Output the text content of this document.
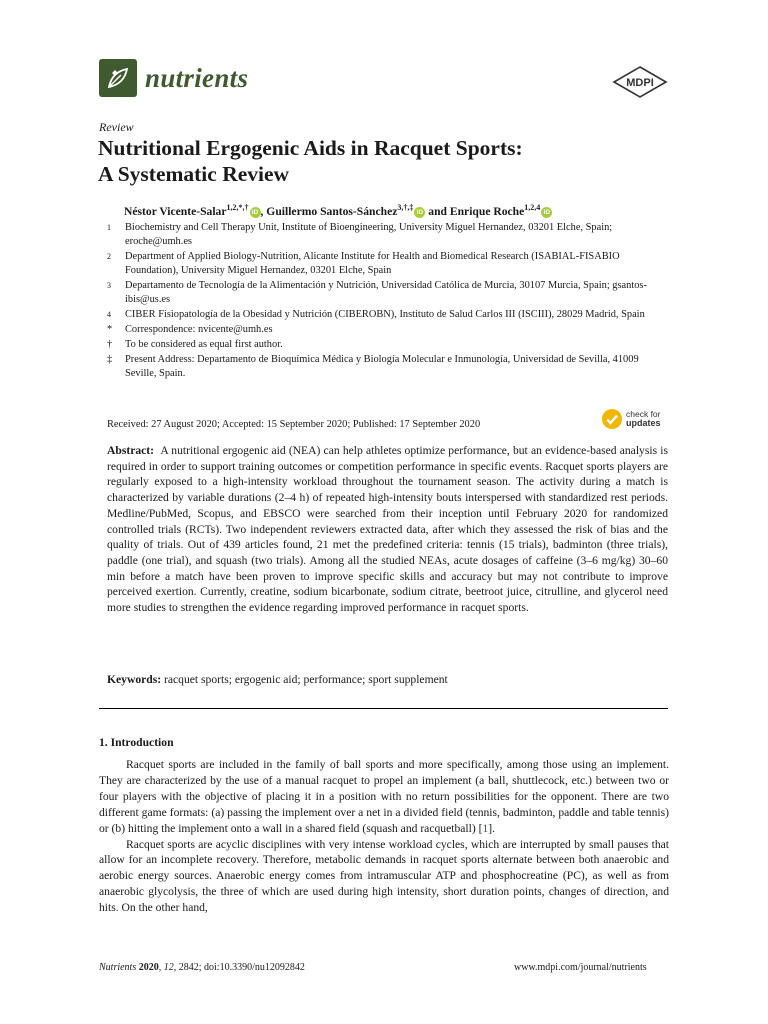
nutrients	MDPI
Review
Nutritional Ergogenic Aids in Racquet Sports:
A Systematic Review
Néstor Vicente-Salar$^{1,2,*,\dagger}$iD , Guillermo Santos-Sánchez$^{3,\dagger,\ddagger}$iD and Enrique Roche$^{1,2,4}$iD
1	Biochemistry and Cell Therapy Unit, Institute of Bioengineering, University Miguel Hernandez, 03201 Elche, Spain; eroche@umh.es
2	Department of Applied Biology-Nutrition, Alicante Institute for Health and Biomedical Research (ISABIAL-FISABIO Foundation), University Miguel Hernandez, 03201 Elche, Spain
3	Departamento de Tecnología de la Alimentación y Nutrición, Universidad Católica de Murcia, 30107 Murcia, Spain; gsantos-ibis@us.es
4	CIBER Fisiopatología de la Obesidad y Nutrición (CIBEROBN), Instituto de Salud Carlos III (ISCIII), 28029 Madrid, Spain
*	Correspondence: nvicente@umh.es
†	To be considered as equal first author.
‡	Present Address: Departamento de Bioquímica Médica y Biología Molecular e Inmunología, Universidad de Sevilla, 41009 Seville, Spain.
Received: 27 August 2020; Accepted: 15 September 2020; Published: 17 September 2020
check for
updates

Abstract: A nutritional ergogenic aid (NEA) can help athletes optimize performance, but an evidence-based analysis is required in order to support training outcomes or competition performance in specific events. Racquet sports players are regularly exposed to a high-intensity workload throughout the tournament season. The activity during a match is characterized by variable durations (2–4 h) of repeated high-intensity bouts interspersed with standardized rest periods. Medline/PubMed, Scopus, and EBSCO were searched from their inception until February 2020 for randomized controlled trials (RCTs). Two independent reviewers extracted data, after which they assessed the risk of bias and the quality of trials. Out of 439 articles found, 21 met the predefined criteria: tennis (15 trials), badminton (three trials), paddle (one trial), and squash (two trials). Among all the studied NEAs, acute dosages of caffeine (3–6 mg/kg) 30–60 min before a match have been proven to improve specific skills and accuracy but may not contribute to improve perceived exertion. Currently, creatine, sodium bicarbonate, sodium citrate, beetroot juice, citrulline, and glycerol need more studies to strengthen the evidence regarding improved performance in racquet sports.

Keywords: racquet sports; ergogenic aid; performance; sport supplement
1. Introduction

Racquet sports are included in the family of ball sports and more specifically, among those using an implement. They are characterized by the use of a manual racquet to propel an implement (a ball, shuttlecock, etc.) between two or four players with the objective of placing it in a position with no return possibilities for the opponent. There are two different game formats: (a) passing the implement over a net in a divided field (tennis, badminton, paddle and table tennis) or (b) hitting the implement onto a wall in a shared field (squash and racquetball) [1].

Racquet sports are acyclic disciplines with very intense workload cycles, which are interrupted by small pauses that allow for an incomplete recovery. Therefore, metabolic demands in racquet sports alternate between both anaerobic and aerobic energy sources. Anaerobic energy comes from intramuscular ATP and phosphocreatine (PC), as well as from anaerobic glycolysis, the three of which are used during high intensity, short duration points, changes of direction, and hits. On the other hand,

Nutrients 2020, 12, 2842; doi:10.3390/nu12092842	www.mdpi.com/journal/nutrients
